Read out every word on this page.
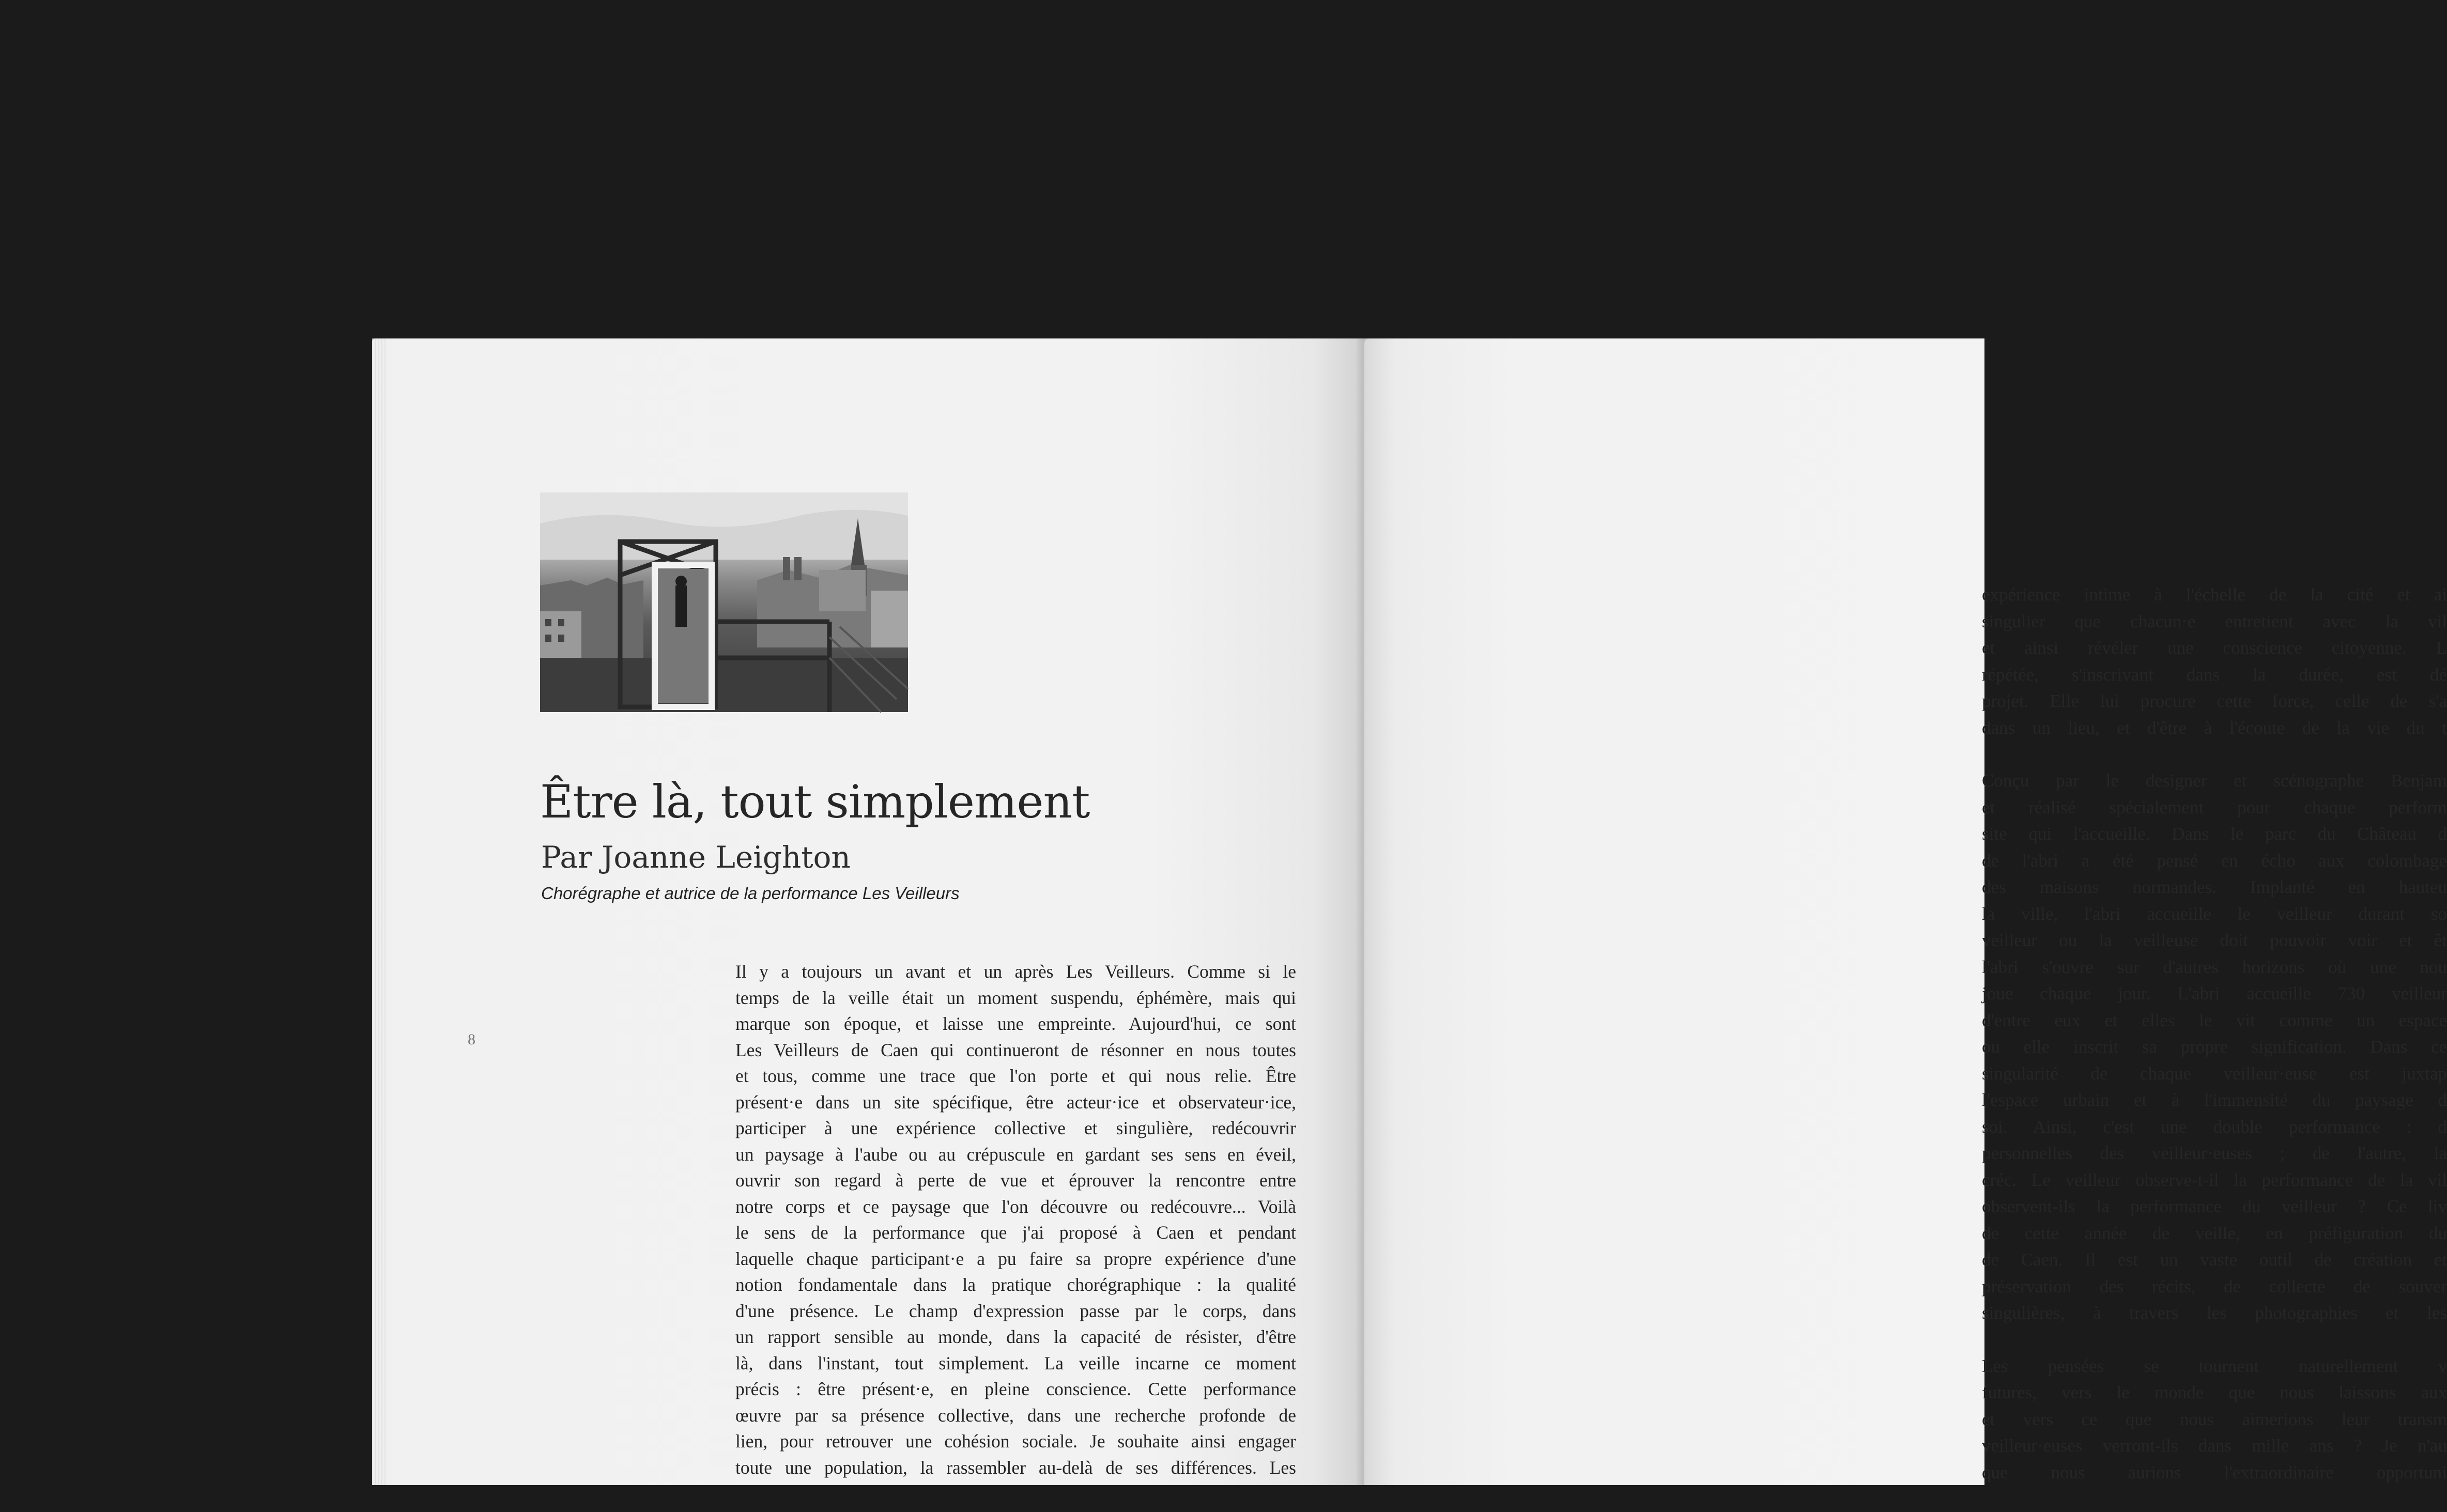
Être là, tout simplement
Par Joanne Leighton
Chorégraphe et autrice de la performance Les Veilleurs
8
Il y a toujours un avant et un après Les Veilleurs. Comme si le
temps de la veille était un moment suspendu, éphémère, mais qui
marque son époque, et laisse une empreinte. Aujourd'hui, ce sont
Les Veilleurs de Caen qui continueront de résonner en nous toutes
et tous, comme une trace que l'on porte et qui nous relie. Être
présent·e dans un site spécifique, être acteur·ice et observateur·ice,
participer à une expérience collective et singulière, redécouvrir
un paysage à l'aube ou au crépuscule en gardant ses sens en éveil,
ouvrir son regard à perte de vue et éprouver la rencontre entre
notre corps et ce paysage que l'on découvre ou redécouvre... Voilà
le sens de la performance que j'ai proposé à Caen et pendant
laquelle chaque participant·e a pu faire sa propre expérience d'une
notion fondamentale dans la pratique chorégraphique : la qualité
d'une présence. Le champ d'expression passe par le corps, dans
un rapport sensible au monde, dans la capacité de résister, d'être
là, dans l'instant, tout simplement. La veille incarne ce moment
précis : être présent·e, en pleine conscience. Cette performance
œuvre par sa présence collective, dans une recherche profonde de
lien, pour retrouver une cohésion sociale. Je souhaite ainsi engager
toute une population, la rassembler au-delà de ses différences. Les
expérience intime à l'échelle de la cité et ai
singulier que chacun·e entretient avec la vil
et ainsi révéler une conscience citoyenne. L
répétée, s'inscrivant dans la durée, est dé
projet. Elle lui procure cette force, celle de s'a
dans un lieu, et d'être à l'écoute de la vie du t
Conçu par le designer et scénographe Benjam
et réalisé spécialement pour chaque perform
site qui l'accueille. Dans le parc du Château d
de l'abri a été pensé en écho aux colombage
des maisons normandes. Implanté en hauteu
la ville, l'abri accueille le veilleur durant so
veilleur ou la veilleuse doit pouvoir voir et êt
l'abri s'ouvre sur d'autres horizons où une nou
joue chaque jour. L'abri accueille 730 veilleur
d'entre eux et elles le vit comme un espace
ou elle inscrit sa propre signification. Dans ce
singularité de chaque veilleur·euse est juxtap
l'espace urbain et à l'immensité du paysage d
soi. Ainsi, c'est une double performance : d
personnelles des veilleur·euses ; de l'autre, la
créc. Le veilleur observe-t-il la performance de la vil
observent-ils la performance du veilleur ? Ce liv
de cette année de veille, en préfiguration du
de Caen. Il est un vaste outil de création et
préservation des récits, de collecte de souver
singulières, à travers les photographies et les
Les pensées se tournent naturellement v
futures, vers le monde que nous laissons aux
et vers ce que nous aimerions leur transm
veilleur·euses verront-ils dans mille ans ? Je n'au
que nous aurions l'extraordinaire opportuni
